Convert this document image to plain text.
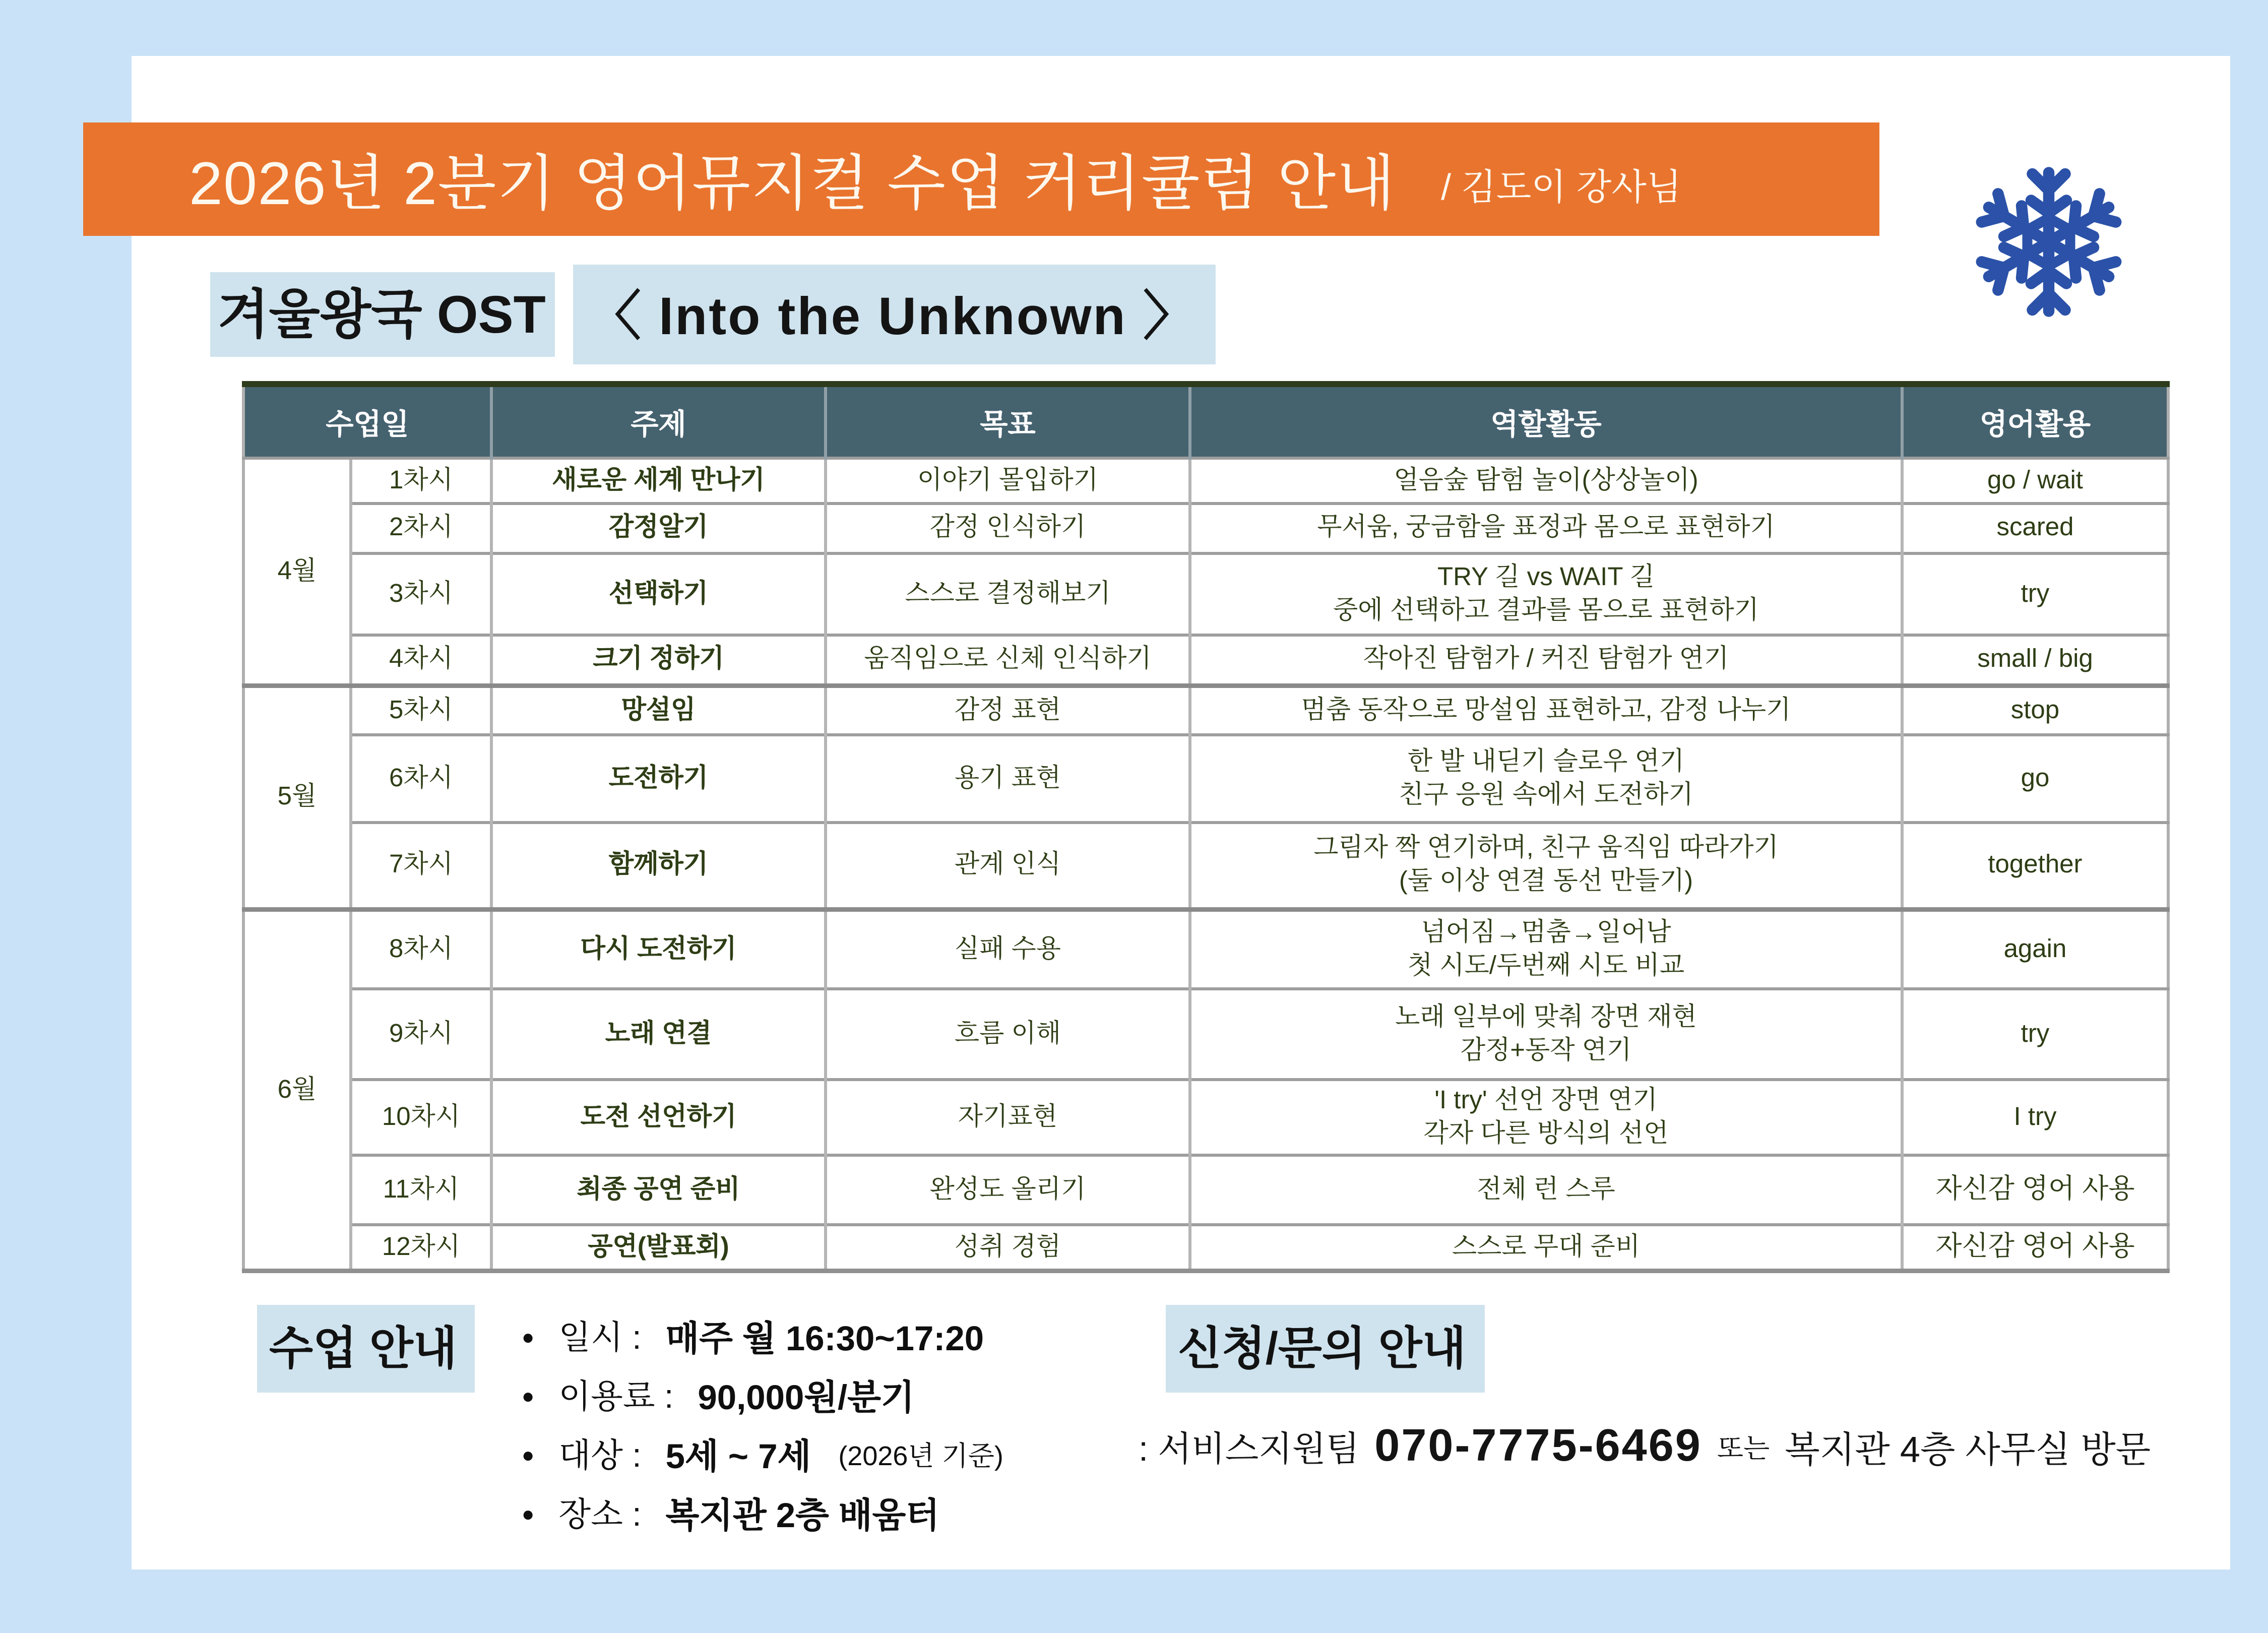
2026년 2분기 영어뮤지컬 수업 커리큘럼 안내	/ 김도이 강사님
겨울왕국 OST	〈 Into the Unknown 〉
수업일		주제	목표	역할활동	영어활용
4월	1차시	새로운 세계 만나기	이야기 몰입하기	얼음숲 탐험 놀이(상상놀이)	go / wait
	2차시	감정알기	감정 인식하기	무서움, 궁금함을 표정과 몸으로 표현하기	scared
	3차시	선택하기	스스로 결정해보기	TRY 길 vs WAIT 길
중에 선택하고 결과를 몸으로 표현하기	try
	4차시	크기 정하기	움직임으로 신체 인식하기	작아진 탐험가 / 커진 탐험가 연기	small / big
5월	5차시	망설임	감정 표현	멈춤 동작으로 망설임 표현하고, 감정 나누기	stop
	6차시	도전하기	용기 표현	한 발 내딛기 슬로우 연기
친구 응원 속에서 도전하기	go
	7차시	함께하기	관계 인식	그림자 짝 연기하며, 친구 움직임 따라가기
(둘 이상 연결 동선 만들기)	together
6월	8차시	다시 도전하기	실패 수용	넘어짐→멈춤→일어남
첫 시도/두번째 시도 비교	again
	9차시	노래 연결	흐름 이해	노래 일부에 맞춰 장면 재현
감정+동작 연기	try
	10차시	도전 선언하기	자기표현	'I try' 선언 장면 연기
각자 다른 방식의 선언	I try
	11차시	최종 공연 준비	완성도 올리기	전체 런 스루	자신감 영어 사용
	12차시	공연(발표회)	성취 경험	스스로 무대 준비	자신감 영어 사용
수업 안내	● 일시 : 매주 월 16:30~17:20
● 이용료 : 90,000원/분기
● 대상 : 5세 ~ 7세	(2026년 기준)
● 장소 : 복지관 2층 배움터
신청/문의 안내
: 서비스지원팀 070-7775-6469 또는 복지관 4층 사무실 방문
